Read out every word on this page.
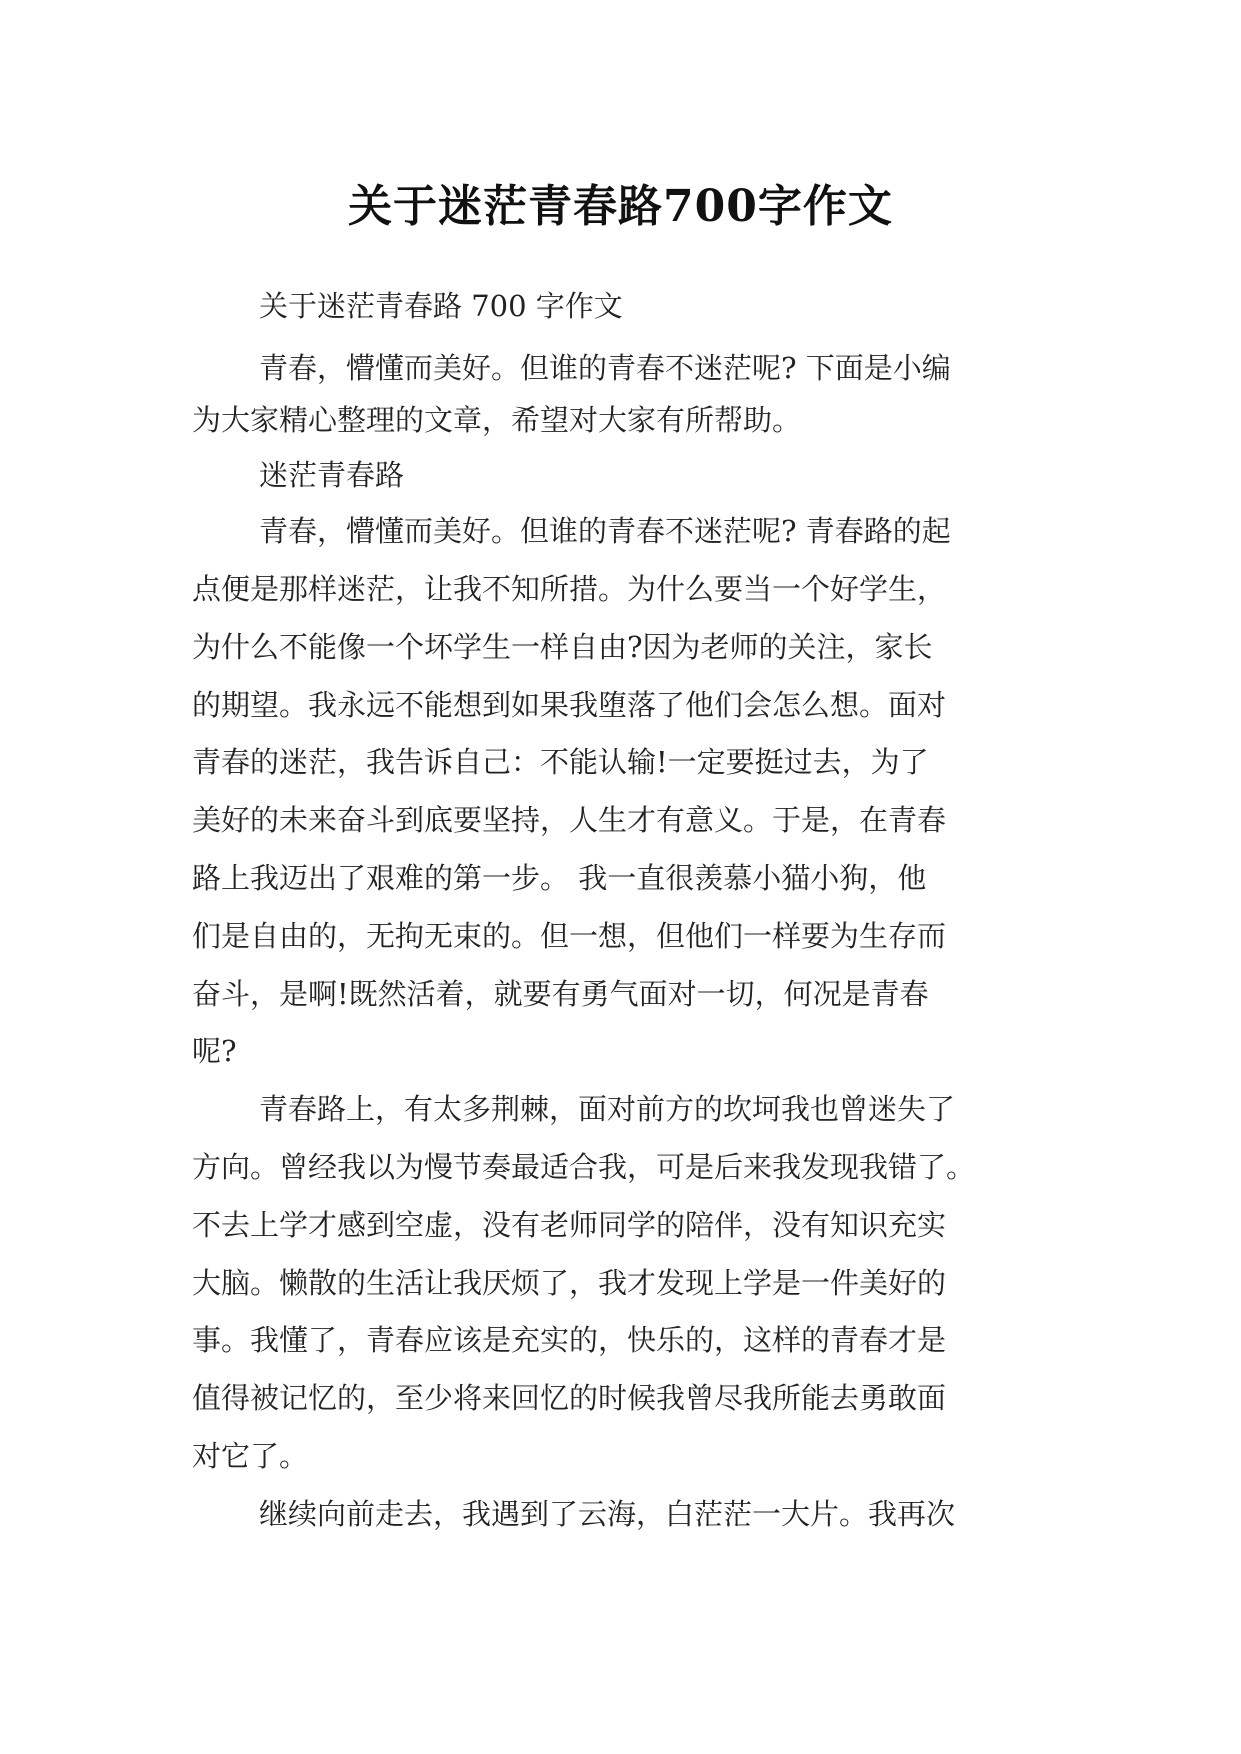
关于迷茫青春路700字作文
关于迷茫青春路 700 字作文
青春，懵懂而美好。但谁的青春不迷茫呢? 下面是小编
为大家精心整理的文章，希望对大家有所帮助。
迷茫青春路
青春，懵懂而美好。但谁的青春不迷茫呢? 青春路的起
点便是那样迷茫，让我不知所措。为什么要当一个好学生，
为什么不能像一个坏学生一样自由?因为老师的关注，家长
的期望。我永远不能想到如果我堕落了他们会怎么想。面对
青春的迷茫，我告诉自己：不能认输!一定要挺过去，为了
美好的未来奋斗到底要坚持，人生才有意义。于是，在青春
路上我迈出了艰难的第一步。 我一直很羡慕小猫小狗，他
们是自由的，无拘无束的。但一想，但他们一样要为生存而
奋斗，是啊!既然活着，就要有勇气面对一切，何况是青春
呢?
青春路上，有太多荆棘，面对前方的坎坷我也曾迷失了
方向。曾经我以为慢节奏最适合我，可是后来我发现我错了。
不去上学才感到空虚，没有老师同学的陪伴，没有知识充实
大脑。懒散的生活让我厌烦了，我才发现上学是一件美好的
事。我懂了，青春应该是充实的，快乐的，这样的青春才是
值得被记忆的，至少将来回忆的时候我曾尽我所能去勇敢面
对它了。
继续向前走去，我遇到了云海，白茫茫一大片。我再次
